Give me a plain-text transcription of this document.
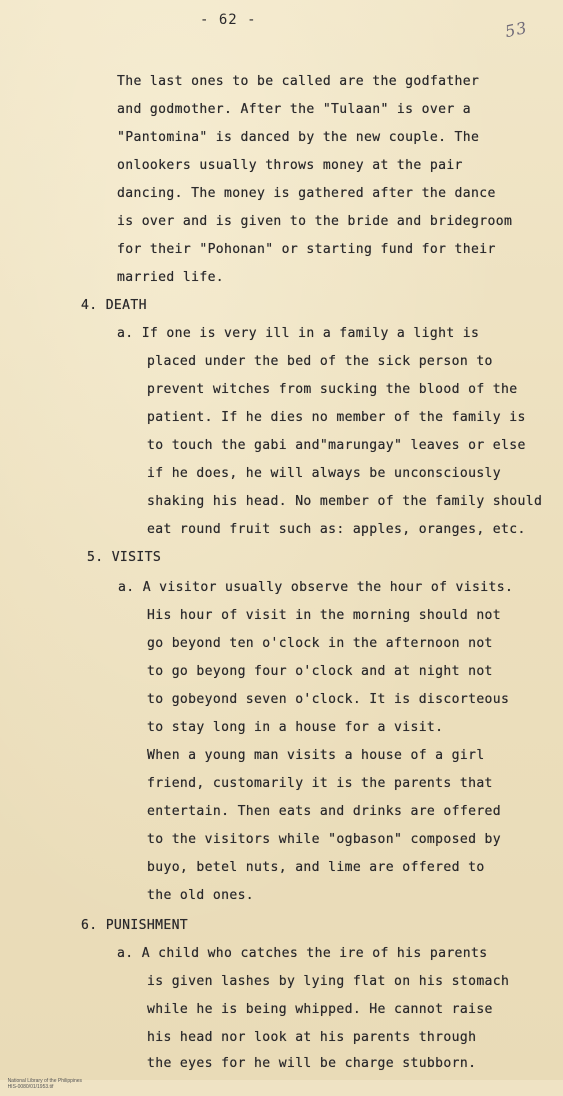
- 62 -	53
The last ones to be called are the godfather
and godmother. After the "Tulaan" is over a
"Pantomina" is danced by the new couple. The
onlookers usually throws money at the pair
dancing. The money is gathered after the dance
is over and is given to the bride and bridegroom
for their "Pohonan" or starting fund for their
married life.
4. DEATH
a. If one is very ill in a family a light is
placed under the bed of the sick person to
prevent witches from sucking the blood of the
patient. If he dies no member of the family is
to touch the gabi and"marungay" leaves or else
if he does, he will always be unconsciously
shaking his head. No member of the family should
eat round fruit such as: apples, oranges, etc.
5. VISITS
a. A visitor usually observe the hour of visits.
His hour of visit in the morning should not
go beyond ten o'clock in the afternoon not
to go beyong four o'clock and at night not
to gobeyond seven o'clock. It is discorteous
to stay long in a house for a visit.
When a young man visits a house of a girl
friend, customarily it is the parents that
entertain. Then eats and drinks are offered
to the visitors while "ogbason" composed by
buyo, betel nuts, and lime are offered to
the old ones.
6. PUNISHMENT
a. A child who catches the ire of his parents
is given lashes by lying flat on his stomach
while he is being whipped. He cannot raise
his head nor look at his parents through
the eyes for he will be charge stubborn.

National Library of the Philippines
HIS-0080/01/1953.tif
